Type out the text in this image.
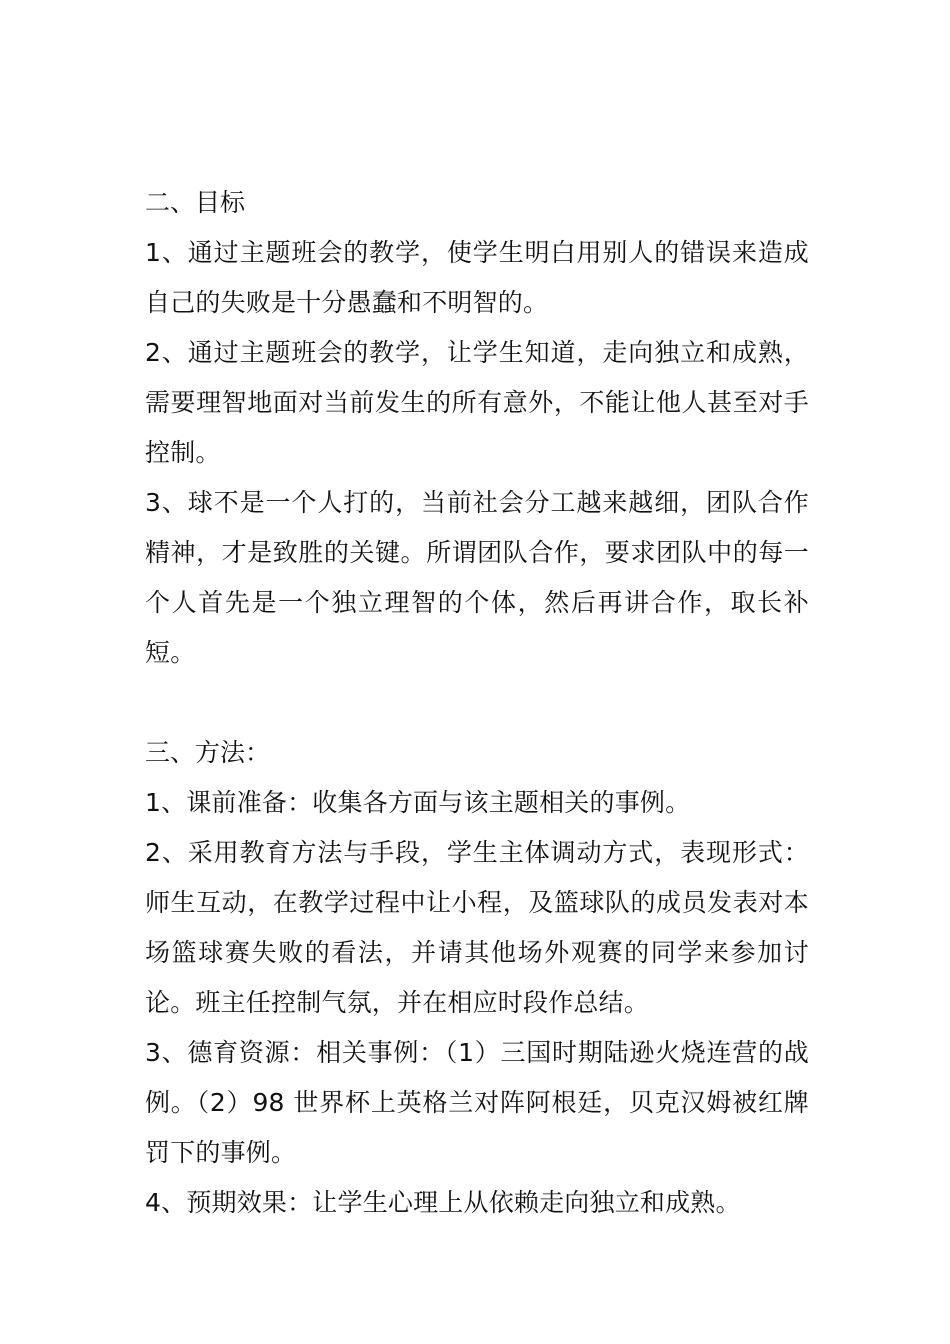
二、目标

1、通过主题班会的教学，使学生明白用别人的错误来造成自己的失败是十分愚蠢和不明智的。

2、通过主题班会的教学，让学生知道，走向独立和成熟，需要理智地面对当前发生的所有意外，不能让他人甚至对手控制。

3、球不是一个人打的，当前社会分工越来越细，团队合作精神，才是致胜的关键。所谓团队合作，要求团队中的每一个人首先是一个独立理智的个体，然后再讲合作，取长补短。

三、方法：

1、课前准备：收集各方面与该主题相关的事例。

2、采用教育方法与手段，学生主体调动方式，表现形式：师生互动，在教学过程中让小程，及篮球队的成员发表对本场篮球赛失败的看法，并请其他场外观赛的同学来参加讨论。班主任控制气氛，并在相应时段作总结。

3、德育资源：相关事例：（1）三国时期陆逊火烧连营的战例。（2）98 世界杯上英格兰对阵阿根廷，贝克汉姆被红牌罚下的事例。

4、预期效果：让学生心理上从依赖走向独立和成熟。
